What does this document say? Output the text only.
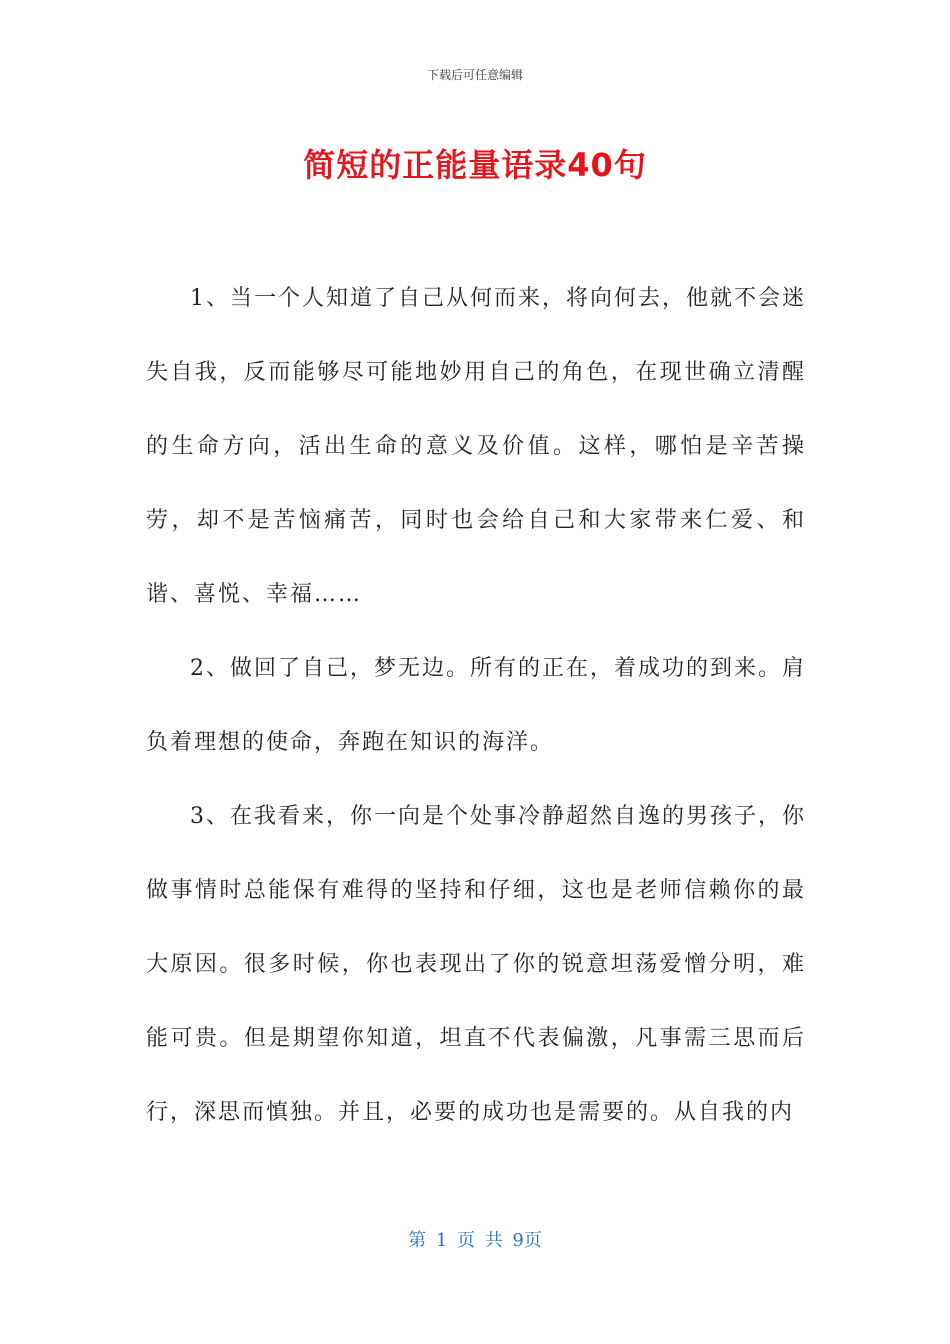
下载后可任意编辑
简短的正能量语录40句

1、当一个人知道了自己从何而来，将向何去，他就不会迷失自我，反而能够尽可能地妙用自己的角色，在现世确立清醒的生命方向，活出生命的意义及价值。这样，哪怕是辛苦操劳，却不是苦恼痛苦，同时也会给自己和大家带来仁爱、和谐、喜悦、幸福……

2、做回了自己，梦无边。所有的正在，着成功的到来。肩负着理想的使命，奔跑在知识的海洋。

3、在我看来，你一向是个处事冷静超然自逸的男孩子，你做事情时总能保有难得的坚持和仔细，这也是老师信赖你的最大原因。很多时候，你也表现出了你的锐意坦荡爱憎分明，难能可贵。但是期望你知道，坦直不代表偏激，凡事需三思而后行，深思而慎独。并且，必要的成功也是需要的。从自我的内

第 1 页 共 9页
